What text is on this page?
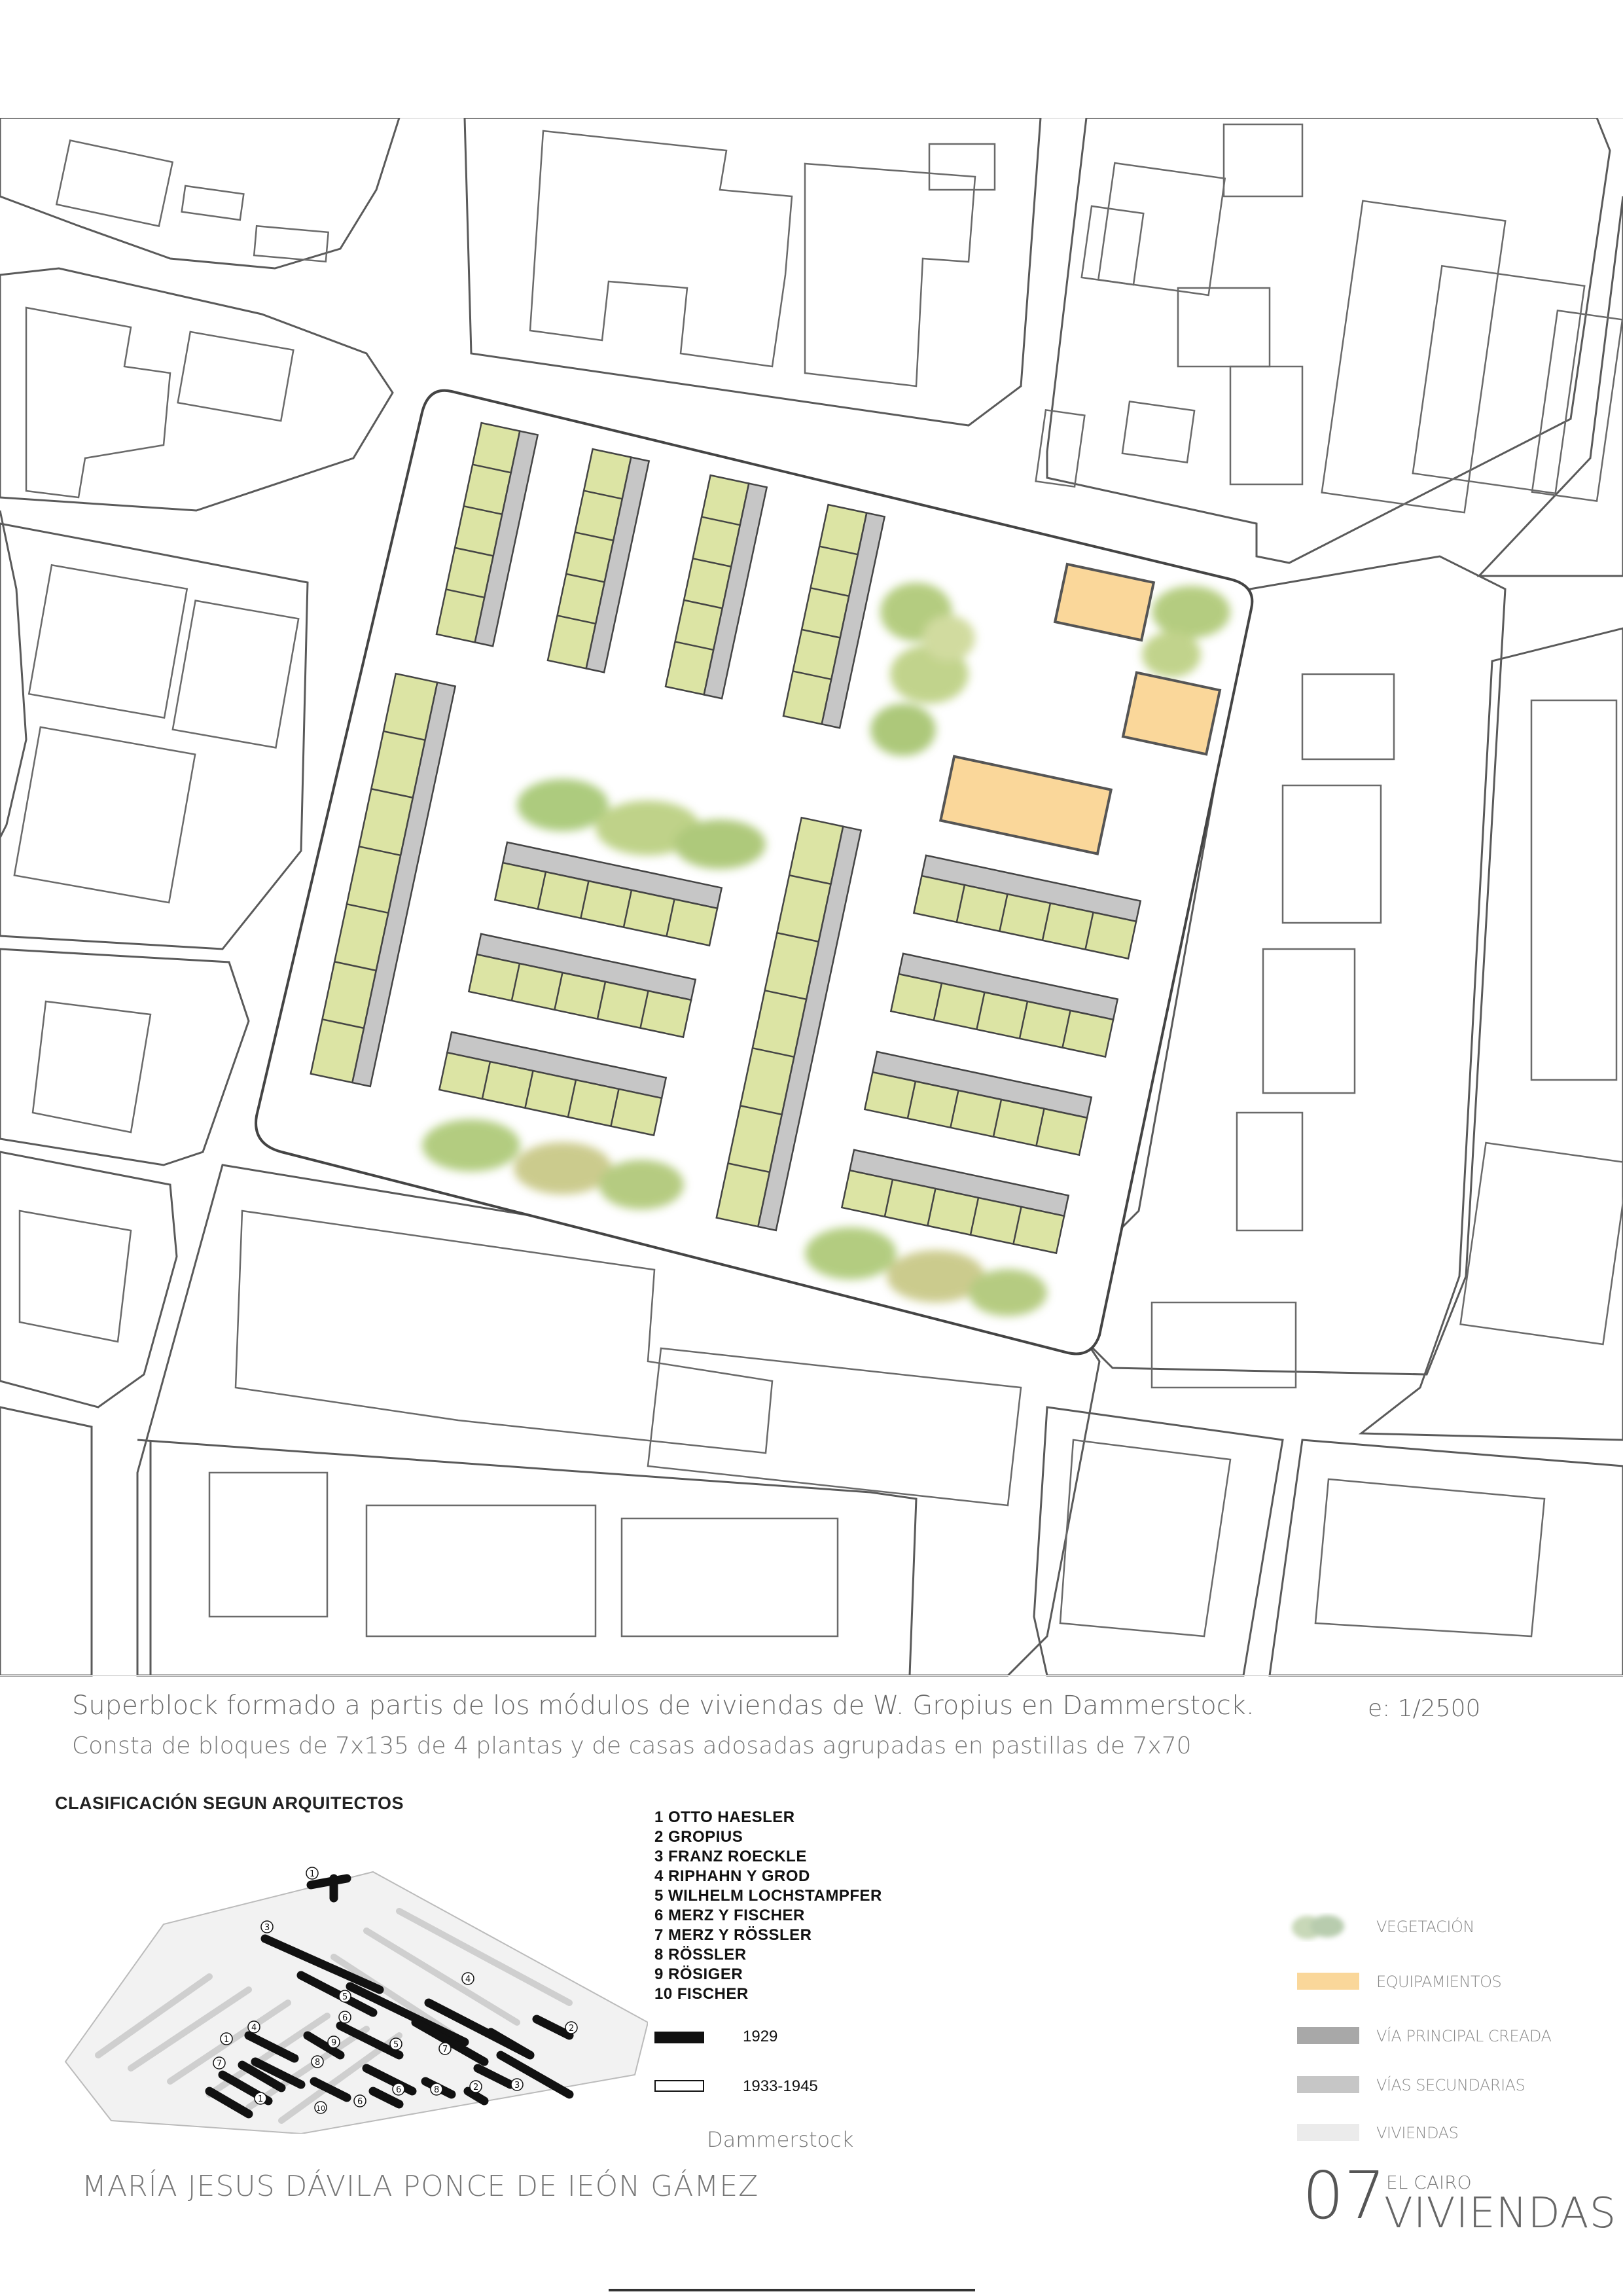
Superblock formado a partis de los módulos de viviendas de W. Gropius en Dammerstock.	e: 1/2500
Consta de bloques de 7x135 de 4 plantas y de casas adosadas agrupadas en pastillas de 7x70
CLASIFICACIÓN SEGUN ARQUITECTOS
1
3
4
5
6
2
4
1
7
9	5	7
8
3
2
8
6
6
10
1
1 OTTO HAESLER
2 GROPIUS
3 FRANZ ROECKLE
4 RIPHAHN Y GROD
5 WILHELM LOCHSTAMPFER
6 MERZ Y FISCHER
7 MERZ Y RÖSSLER
8 RÖSSLER
9 RÖSIGER
10 FISCHER
1929
1933-1945
Dammerstock
VEGETACIÓN
EQUIPAMIENTOS
VÍA PRINCIPAL CREADA
VÍAS SECUNDARIAS
VIVIENDAS
MARÍA JESUS DÁVILA PONCE DE IEÓN GÁMEZ	07 EL CAIRO
VIVIENDAS
